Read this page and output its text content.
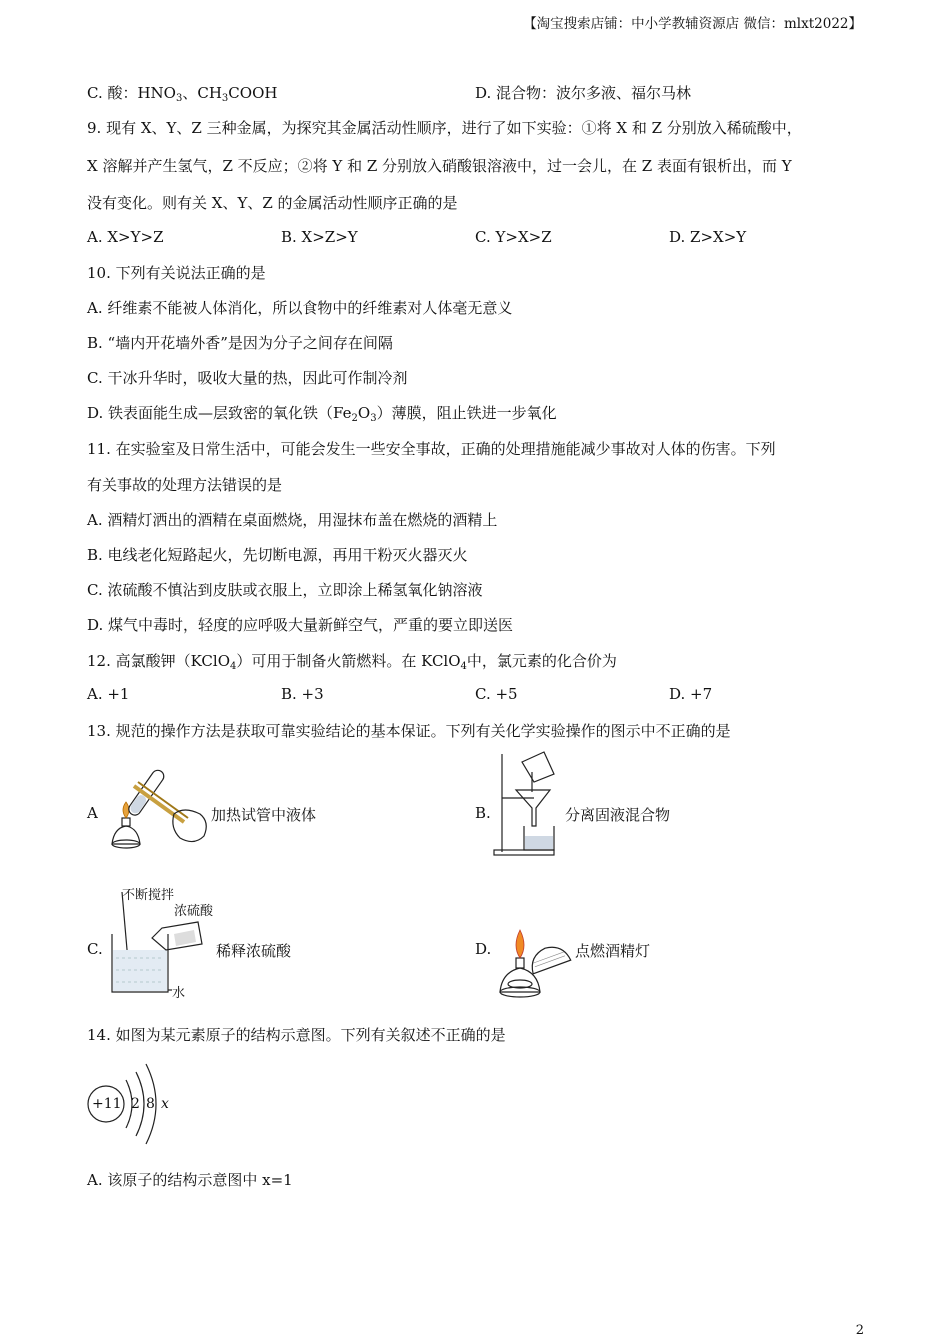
【淘宝搜索店铺：中小学教辅资源店 微信：mlxt2022】
C. 酸：$HNO_3$、$CH_3COOH$	D. 混合物：波尔多液、福尔马林
9. 现有 X、Y、Z 三种金属，为探究其金属活动性顺序，进行了如下实验：①将 X 和 Z 分别放入稀硫酸中，
X 溶解并产生氢气，Z 不反应；②将 Y 和 Z 分别放入硝酸银溶液中，过一会儿，在 Z 表面有银析出，而 Y
没有变化。则有关 X、Y、Z 的金属活动性顺序正确的是
A. X>Y>Z	B. X>Z>Y	C. Y>X>Z	D. Z>X>Y
10. 下列有关说法正确的是
A. 纤维素不能被人体消化，所以食物中的纤维素对人体毫无意义
B. “墙内开花墙外香”是因为分子之间存在间隔
C. 干冰升华时，吸收大量的热，因此可作制冷剂
D. 铁表面能生成—层致密的氧化铁$(Fe_2O_3)$薄膜，阻止铁进一步氧化
11. 在实验室及日常生活中，可能会发生一些安全事故，正确的处理措施能减少事故对人体的伤害。下列
有关事故的处理方法错误的是
A. 酒精灯洒出的酒精在桌面燃烧，用湿抹布盖在燃烧的酒精上
B. 电线老化短路起火，先切断电源，再用干粉灭火器灭火
C. 浓硫酸不慎沾到皮肤或衣服上，立即涂上稀氢氧化钠溶液
D. 煤气中毒时，轻度的应呼吸大量新鲜空气，严重的要立即送医
12. 高氯酸钾（KClO$_4$）可用于制备火箭燃料。在 KClO$_4$中，氯元素的化合价为
A. +1	B. +3	C. +5	D. +7
13. 规范的操作方法是获取可靠实验结论的基本保证。下列有关化学实验操作的图示中不正确的是
A	加热试管中液体	B.	分离固液混合物
C.
不断搅拌
浓硫酸
水
稀释浓硫酸	D.	点燃酒精灯
14. 如图为某元素原子的结构示意图。下列有关叙述不正确的是
+11 2 8 x
A. 该原子的结构示意图中 x=1
2
